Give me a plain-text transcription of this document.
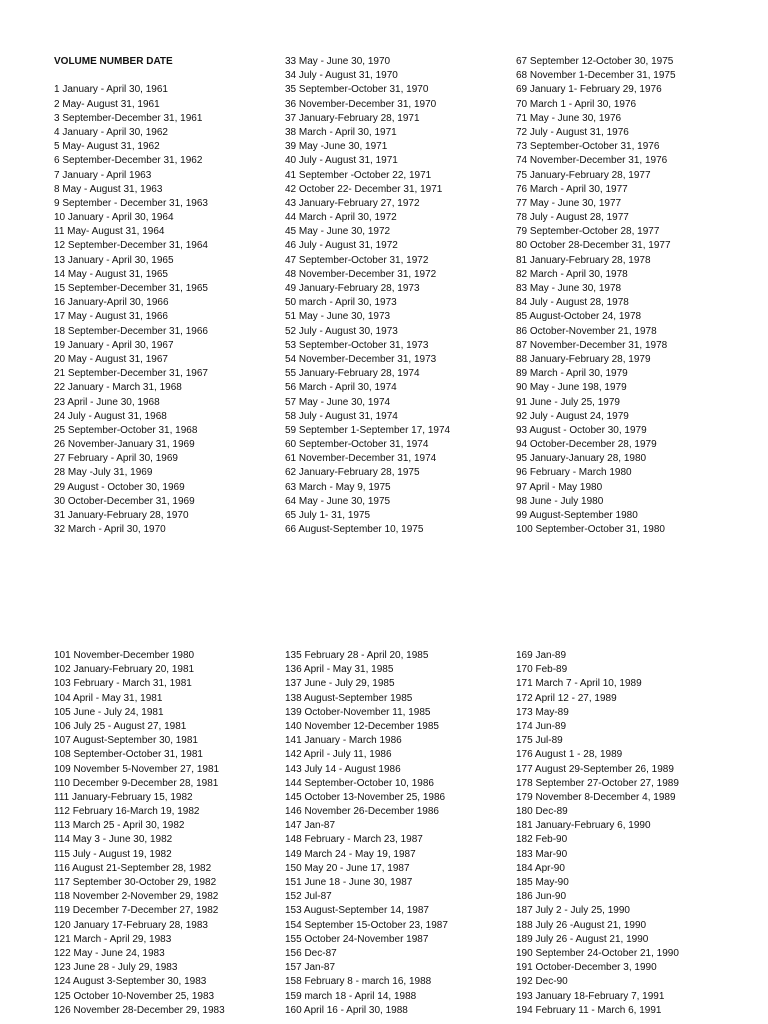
VOLUME NUMBER DATE
1 January - April 30, 1961
2 May- August 31, 1961
3 September-December 31, 1961
4 January - April 30, 1962
5 May- August 31, 1962
6 September-December 31, 1962
7 January - April 1963
8 May - August 31, 1963
9 September - December 31, 1963
10 January - April 30, 1964
11 May- August 31, 1964
12 September-December 31, 1964
13 January - April 30, 1965
14 May - August 31, 1965
15 September-December 31, 1965
16 January-April 30, 1966
17 May - August 31, 1966
18 September-December 31, 1966
19 January - April 30, 1967
20 May - August 31, 1967
21 September-December 31, 1967
22 January - March 31, 1968
23 April - June 30, 1968
24 July - August 31, 1968
25 September-October 31, 1968
26 November-January 31, 1969
27 February - April 30, 1969
28 May -July 31, 1969
29 August - October 30, 1969
30 October-December 31, 1969
31 January-February 28, 1970
32 March - April 30, 1970
33 May - June 30, 1970
34 July - August 31, 1970
35 September-October 31, 1970
36 November-December 31, 1970
37 January-February 28, 1971
38 March - April 30, 1971
39 May -June 30, 1971
40 July - August 31, 1971
41 September -October 22, 1971
42 October 22- December 31, 1971
43 January-February 27, 1972
44 March - April 30, 1972
45 May - June 30, 1972
46 July - August 31, 1972
47 September-October 31, 1972
48 November-December 31, 1972
49 January-February 28, 1973
50 march - April 30, 1973
51 May - June 30, 1973
52 July - August 30, 1973
53 September-October 31, 1973
54 November-December 31, 1973
55 January-February 28, 1974
56 March - April 30, 1974
57 May - June 30, 1974
58 July - August 31, 1974
59 September 1-September 17, 1974
60 September-October 31, 1974
61 November-December 31, 1974
62 January-February 28, 1975
63 March - May 9, 1975
64 May - June 30, 1975
65 July 1- 31, 1975
66 August-September 10, 1975
67 September 12-October 30, 1975
68 November 1-December 31, 1975
69 January 1- February 29, 1976
70 March 1 - April 30, 1976
71 May - June 30, 1976
72 July - August 31, 1976
73 September-October 31, 1976
74 November-December 31, 1976
75 January-February 28, 1977
76 March - April 30, 1977
77 May - June 30, 1977
78 July - August 28, 1977
79 September-October 28, 1977
80 October 28-December 31, 1977
81 January-February 28, 1978
82 March - April 30, 1978
83 May - June 30, 1978
84 July - August 28, 1978
85 August-October 24, 1978
86 October-November 21, 1978
87 November-December 31, 1978
88 January-February 28, 1979
89 March - April 30, 1979
90 May - June 198, 1979
91 June - July 25, 1979
92 July - August 24, 1979
93 August - October 30, 1979
94 October-December 28, 1979
95 January-January 28, 1980
96 February - March 1980
97 April - May 1980
98 June - July 1980
99 August-September 1980
100 September-October 31, 1980
101 November-December 1980
102 January-February 20, 1981
103 February - March 31, 1981
104 April - May 31, 1981
105 June - July 24, 1981
106 July 25 - August 27, 1981
107 August-September 30, 1981
108 September-October 31, 1981
109 November 5-November 27, 1981
110 December 9-December 28, 1981
111 January-February 15, 1982
112 February 16-March 19, 1982
113 March 25 - April 30, 1982
114 May 3 - June 30, 1982
115 July - August 19, 1982
116 August 21-September 28, 1982
117 September 30-October 29, 1982
118 November 2-November 29, 1982
119 December 7-December 27, 1982
120 January 17-February 28, 1983
121 March - April 29, 1983
122 May - June 24, 1983
123 June 28 - July 29, 1983
124 August 3-September 30, 1983
125 October 10-November 25, 1983
126 November 28-December 29, 1983
135 February 28 - April 20, 1985
136 April - May 31, 1985
137 June - July 29, 1985
138 August-September 1985
139 October-November 11, 1985
140 November 12-December 1985
141 January - March 1986
142 April - July 11, 1986
143 July 14 - August 1986
144 September-October 10, 1986
145 October 13-November 25, 1986
146 November 26-December 1986
147 Jan-87
148 February - March 23, 1987
149 March 24 - May 19, 1987
150 May 20 - June 17, 1987
151 June 18 - June 30, 1987
152 Jul-87
153 August-September 14, 1987
154 September 15-October 23, 1987
155 October 24-November 1987
156 Dec-87
157 Jan-87
158 February 8 - march 16, 1988
159 march 18 - April 14, 1988
160 April 16 - April 30, 1988
169 Jan-89
170 Feb-89
171 March 7 - April 10, 1989
172 April 12 - 27, 1989
173 May-89
174 Jun-89
175 Jul-89
176 August 1 - 28, 1989
177 August 29-September 26, 1989
178 September 27-October 27, 1989
179 November 8-December 4, 1989
180 Dec-89
181 January-February 6, 1990
182 Feb-90
183 Mar-90
184 Apr-90
185 May-90
186 Jun-90
187 July 2 - July 25, 1990
188 July 26 -August 21, 1990
189 July 26 - August 21, 1990
190 September 24-October 21, 1990
191 October-December 3, 1990
192 Dec-90
193 January 18-February 7, 1991
194 February 11 - March 6, 1991
